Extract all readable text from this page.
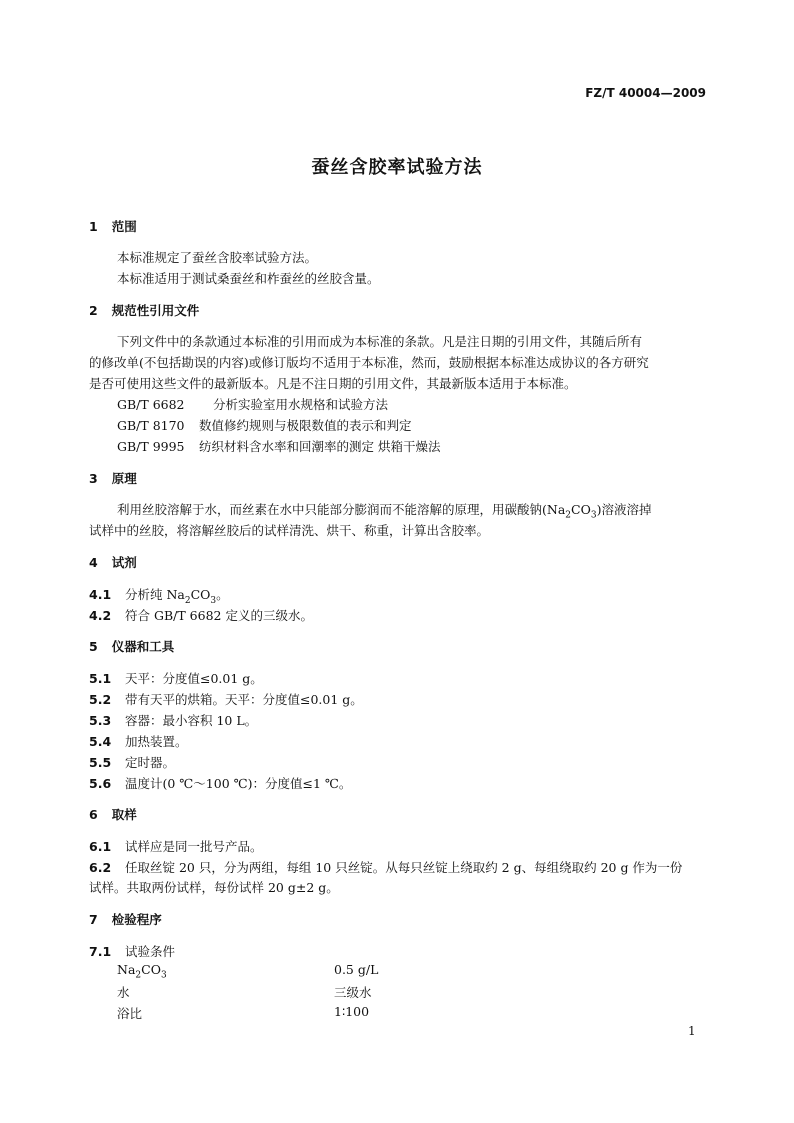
FZ/T 40004—2009
蚕丝含胶率试验方法
1 范围
本标准规定了蚕丝含胶率试验方法。
本标准适用于测试桑蚕丝和柞蚕丝的丝胶含量。
2 规范性引用文件
下列文件中的条款通过本标准的引用而成为本标准的条款。凡是注日期的引用文件，其随后所有
的修改单(不包括勘误的内容)或修订版均不适用于本标准，然而，鼓励根据本标准达成协议的各方研究
是否可使用这些文件的最新版本。凡是不注日期的引用文件，其最新版本适用于本标准。
GB/T 6682 分析实验室用水规格和试验方法
GB/T 8170 数值修约规则与极限数值的表示和判定
GB/T 9995 纺织材料含水率和回潮率的测定 烘箱干燥法
3 原理
利用丝胶溶解于水，而丝素在水中只能部分膨润而不能溶解的原理，用碳酸钠$(Na_2CO_3)$溶液溶掉
试样中的丝胶，将溶解丝胶后的试样清洗、烘干、称重，计算出含胶率。
4 试剂
4.1 分析纯 $Na_2CO_3$。
4.2 符合 GB/T 6682 定义的三级水。
5 仪器和工具
5.1 天平：分度值≤0.01 g。
5.2 带有天平的烘箱。天平：分度值≤0.01 g。
5.3 容器：最小容积 10 L。
5.4 加热装置。
5.5 定时器。
5.6 温度计(0 ℃～100 ℃)：分度值≤1 ℃。
6 取样
6.1 试样应是同一批号产品。
6.2 任取丝锭 20 只，分为两组，每组 10 只丝锭。从每只丝锭上绕取约 2 g、每组绕取约 20 g 作为一份
试样。共取两份试样，每份试样 20 g±2 g。
7 检验程序
7.1 试验条件
$Na_2CO_3$	0.5 g/L
水	三级水
浴比	1∶100
1
